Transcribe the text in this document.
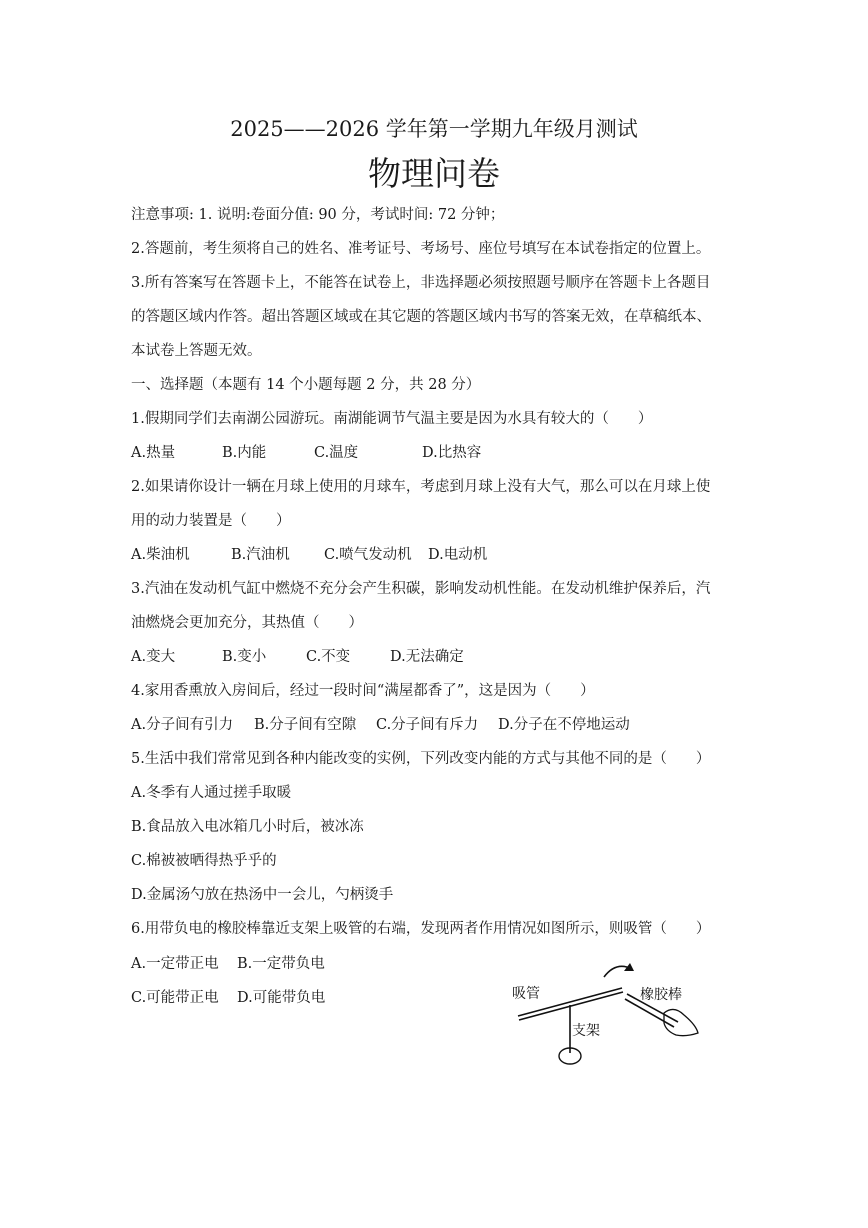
2025——2026 学年第一学期九年级月测试
物理问卷
注意事项: 1. 说明:卷面分值: 90 分，考试时间: 72 分钟；
2.答题前，考生须将自己的姓名、准考证号、考场号、座位号填写在本试卷指定的位置上。
3.所有答案写在答题卡上，不能答在试卷上，非选择题必须按照题号顺序在答题卡上各题目
的答题区域内作答。超出答题区域或在其它题的答题区域内书写的答案无效，在草稿纸本、
本试卷上答题无效。
一、选择题（本题有 14 个小题每题 2 分，共 28 分）
1.假期同学们去南湖公园游玩。南湖能调节气温主要是因为水具有较大的（　　）
A.热量	B.内能	C.温度	D.比热容
2.如果请你设计一辆在月球上使用的月球车，考虑到月球上没有大气，那么可以在月球上使
用的动力装置是（　　）
A.柴油机	B.汽油机 C.喷气发动机 D.电动机
3.汽油在发动机气缸中燃烧不充分会产生积碳，影响发动机性能。在发动机维护保养后，汽
油燃烧会更加充分，其热值（　　）
A.变大	B.变小	C.不变	D.无法确定
4.家用香熏放入房间后，经过一段时间“满屋都香了”，这是因为（　　）
A.分子间有引力 B.分子间有空隙 C.分子间有斥力 D.分子在不停地运动
5.生活中我们常常见到各种内能改变的实例，下列改变内能的方式与其他不同的是（　　）
A.冬季有人通过搓手取暖
B.食品放入电冰箱几小时后，被冰冻
C.棉被被晒得热乎乎的
D.金属汤勺放在热汤中一会儿，勺柄烫手
6.用带负电的橡胶棒靠近支架上吸管的右端，发现两者作用情况如图所示，则吸管（　　）
A.一定带正电 B.一定带负电
C.可能带正电 D.可能带负电	吸管	橡胶棒
支架
